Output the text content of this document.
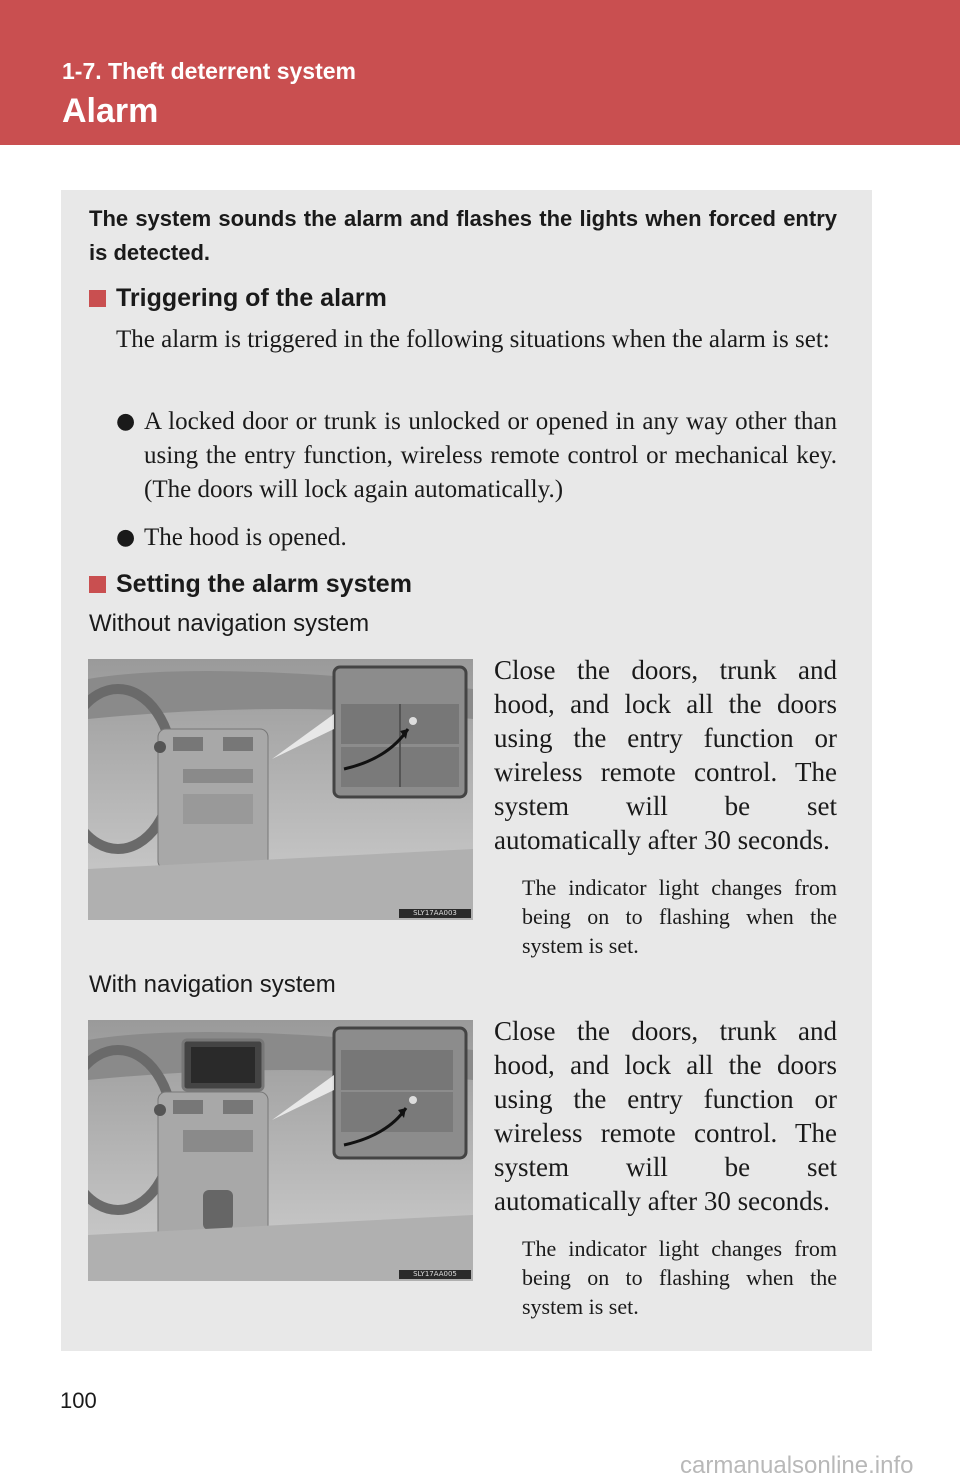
1-7. Theft deterrent system
Alarm
The system sounds the alarm and flashes the lights when forced entry is detected.
Triggering of the alarm
The alarm is triggered in the following situations when the alarm is set:
● A locked door or trunk is unlocked or opened in any way other than using the entry function, wireless remote control or mechanical key. (The doors will lock again automatically.)
● The hood is opened.
Setting the alarm system
Without navigation system
SLY17AA003
Close the doors, trunk and hood, and lock all the doors using the entry function or wireless remote control. The system will be set automatically after 30 seconds.
The indicator light changes from being on to flashing when the system is set.
With navigation system
SLY17AA005
Close the doors, trunk and hood, and lock all the doors using the entry function or wireless remote control. The system will be set automatically after 30 seconds.
The indicator light changes from being on to flashing when the system is set.
100
carmanualsonline.info
